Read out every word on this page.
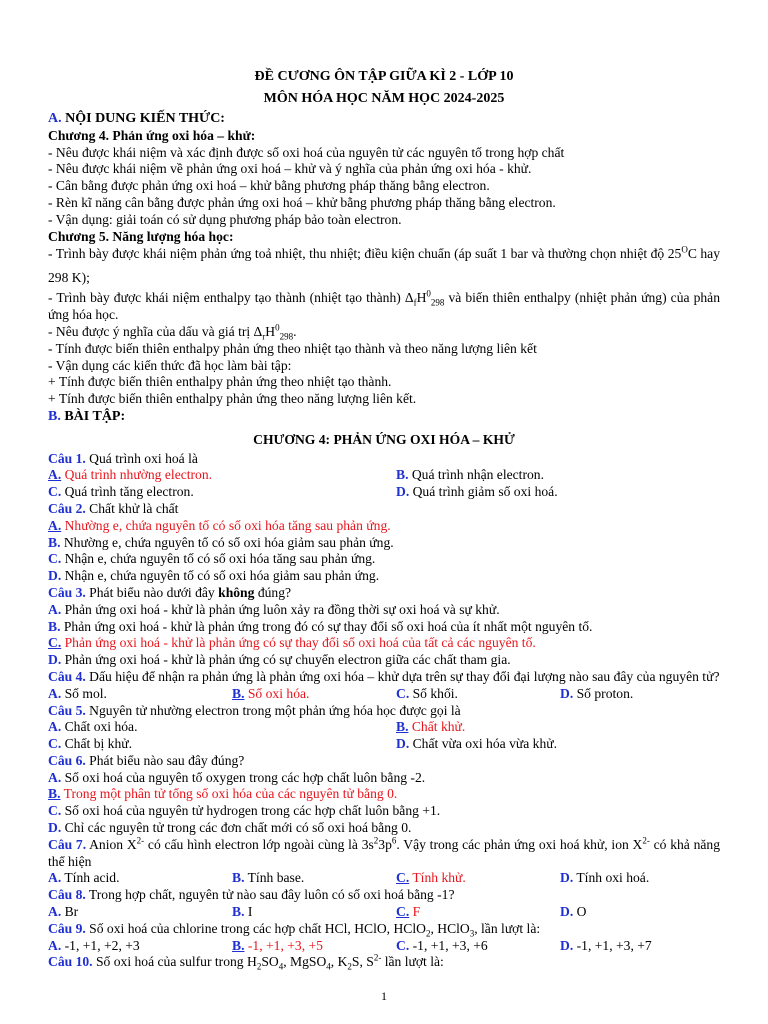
ĐỀ CƯƠNG ÔN TẬP GIỮA KÌ 2 - LỚP 10
MÔN HÓA HỌC NĂM HỌC 2024-2025
A. NỘI DUNG KIẾN THỨC:
Chương 4. Phản ứng oxi hóa – khử:
- Nêu được khái niệm và xác định được số oxi hoá của nguyên tử các nguyên tố trong hợp chất
- Nêu được khái niệm về phản ứng oxi hoá – khử và ý nghĩa của phản ứng oxi hóa - khử.
- Cân bằng được phản ứng oxi hoá – khử bằng phương pháp thăng bằng electron.
- Rèn kĩ năng cân bằng được phản ứng oxi hoá – khử bằng phương pháp thăng bằng electron.
- Vận dụng: giải toán có sử dụng phương pháp bảo toàn electron.
Chương 5. Năng lượng hóa học:
- Trình bày được khái niệm phản ứng toả nhiệt, thu nhiệt; điều kiện chuẩn (áp suất 1 bar và thường chọn nhiệt độ $25^OC$ hay 298 K);
- Trình bày được khái niệm enthalpy tạo thành (nhiệt tạo thành) $\Delta_fH^0_{298}$ và biến thiên enthalpy (nhiệt phản ứng) của phản ứng hóa học.
- Nêu được ý nghĩa của dấu và giá trị $\Delta_rH^0_{298}$.
- Tính được biến thiên enthalpy phản ứng theo nhiệt tạo thành và theo năng lượng liên kết
- Vận dụng các kiến thức đã học làm bài tập:
+ Tính được biến thiên enthalpy phản ứng theo nhiệt tạo thành.
+ Tính được biến thiên enthalpy phản ứng theo năng lượng liên kết.
B. BÀI TẬP:
CHƯƠNG 4: PHẢN ỨNG OXI HÓA – KHỬ
Câu 1. Quá trình oxi hoá là
A. Quá trình nhường electron.	B. Quá trình nhận electron.
C. Quá trình tăng electron.	D. Quá trình giảm số oxi hoá.
Câu 2. Chất khử là chất
A. Nhường e, chứa nguyên tố có số oxi hóa tăng sau phản ứng.
B. Nhường e, chứa nguyên tố có số oxi hóa giảm sau phản ứng.
C. Nhận e, chứa nguyên tố có số oxi hóa tăng sau phản ứng.
D. Nhận e, chứa nguyên tố có số oxi hóa giảm sau phản ứng.
Câu 3. Phát biểu nào dưới đây không đúng?
A. Phản ứng oxi hoá - khử là phản ứng luôn xảy ra đồng thời sự oxi hoá và sự khử.
B. Phản ứng oxi hoá - khử là phản ứng trong đó có sự thay đổi số oxi hoá của ít nhất một nguyên tố.
C. Phản ứng oxi hoá - khử là phản ứng có sự thay đổi số oxi hoá của tất cả các nguyên tố.
D. Phản ứng oxi hoá - khử là phản ứng có sự chuyển electron giữa các chất tham gia.
Câu 4. Dấu hiệu để nhận ra phản ứng là phản ứng oxi hóa – khử dựa trên sự thay đổi đại lượng nào sau đây của nguyên tử?
A. Số mol.	B. Số oxi hóa.	C. Số khối.	D. Số proton.
Câu 5. Nguyên tử nhường electron trong một phản ứng hóa học được gọi là
A. Chất oxi hóa.	B. Chất khử.
C. Chất bị khử.	D. Chất vừa oxi hóa vừa khử.
Câu 6. Phát biểu nào sau đây đúng?
A. Số oxi hoá của nguyên tố oxygen trong các hợp chất luôn bằng -2.
B. Trong một phân tử tổng số oxi hóa của các nguyên tử bằng 0.
C. Số oxi hoá của nguyên tử hydrogen trong các hợp chất luôn bằng +1.
D. Chỉ các nguyên tử trong các đơn chất mới có số oxi hoá bằng 0.
Câu 7. Anion $X^{2-}$ có cấu hình electron lớp ngoài cùng là $3s^23p^6$. Vậy trong các phản ứng oxi hoá khử, ion $X^{2-}$ có khả năng thể hiện
A. Tính acid.	B. Tính base.	C. Tính khử.	D. Tính oxi hoá.
Câu 8. Trong hợp chất, nguyên tử nào sau đây luôn có số oxi hoá bằng -1?
A. Br	B. I	C. F	D. O
Câu 9. Số oxi hoá của chlorine trong các hợp chất HCl, HClO, HClO$_2$, HClO$_3$, lần lượt là:
A. -1, +1, +2, +3	B. -1, +1, +3, +5	C. -1, +1, +3, +6	D. -1, +1, +3, +7
Câu 10. Số oxi hoá của sulfur trong $H_2SO_4$, MgSO$_4$, $K_2S$, $S^{2-}$ lần lượt là:
1
